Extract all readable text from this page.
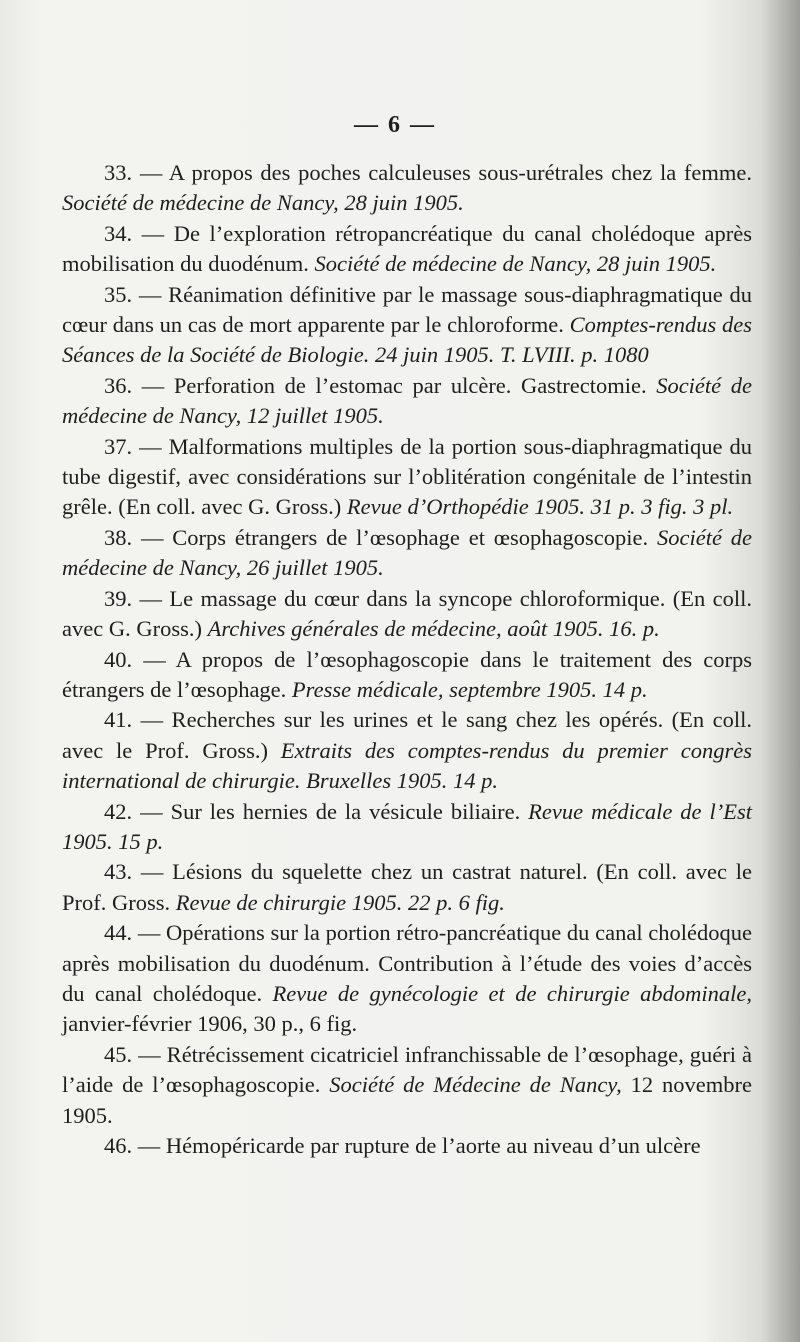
— 6 —

33. — A propos des poches calculeuses sous-urétrales chez la femme. Société de médecine de Nancy, 28 juin 1905.

34. — De l’exploration rétropancréatique du canal cholédoque après mobilisation du duodénum. Société de médecine de Nancy, 28 juin 1905.

35. — Réanimation définitive par le massage sous-diaphragmatique du cœur dans un cas de mort apparente par le chloroforme. Comptes-rendus des Séances de la Société de Biologie. 24 juin 1905. T. LVIII. p. 1080

36. — Perforation de l’estomac par ulcère. Gastrectomie. Société de médecine de Nancy, 12 juillet 1905.

37. — Malformations multiples de la portion sous-diaphragmatique du tube digestif, avec considérations sur l’oblitération congénitale de l’intestin grêle. (En coll. avec G. Gross.) Revue d’Orthopédie 1905. 31 p. 3 fig. 3 pl.

38. — Corps étrangers de l’œsophage et œsophagoscopie. Société de médecine de Nancy, 26 juillet 1905.

39. — Le massage du cœur dans la syncope chloroformique. (En coll. avec G. Gross.) Archives générales de médecine, août 1905. 16. p.

40. — A propos de l’œsophagoscopie dans le traitement des corps étrangers de l’œsophage. Presse médicale, septembre 1905. 14 p.

41. — Recherches sur les urines et le sang chez les opérés. (En coll. avec le Prof. Gross.) Extraits des comptes-rendus du premier congrès international de chirurgie. Bruxelles 1905. 14 p.

42. — Sur les hernies de la vésicule biliaire. Revue médicale de l’Est 1905. 15 p.

43. — Lésions du squelette chez un castrat naturel. (En coll. avec le Prof. Gross. Revue de chirurgie 1905. 22 p. 6 fig.

44. — Opérations sur la portion rétro-pancréatique du canal cholédoque après mobilisation du duodénum. Contribution à l’étude des voies d’accès du canal cholédoque. Revue de gynécologie et de chirurgie abdominale, janvier-février 1906, 30 p., 6 fig.

45. — Rétrécissement cicatriciel infranchissable de l’œsophage, guéri à l’aide de l’œsophagoscopie. Société de Médecine de Nancy, 12 novembre 1905.

46. — Hémopéricarde par rupture de l’aorte au niveau d’un ulcère
